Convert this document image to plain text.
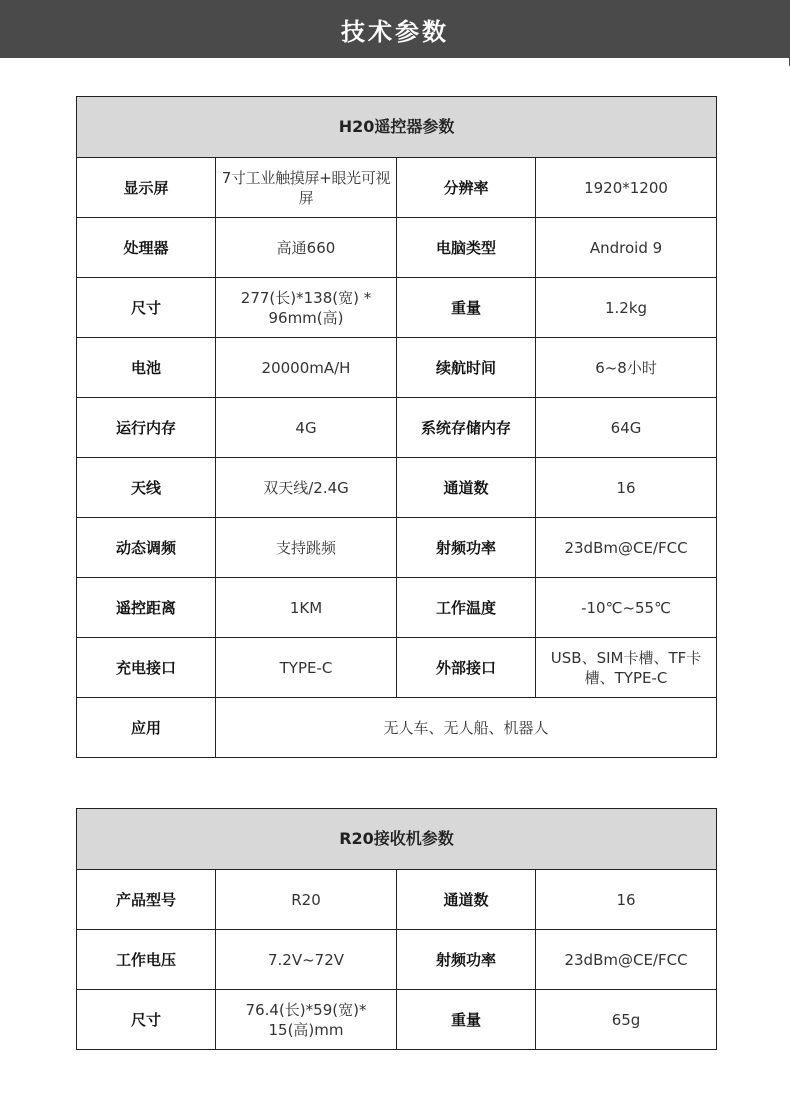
技术参数
H20遥控器参数			
显示屏	7寸工业触摸屏+眼光可视屏	分辨率	1920*1200
处理器	高通660	电脑类型	Android 9
尺寸	277(长)*138(宽) * 96mm(高)	重量	1.2kg
电池	20000mA/H	续航时间	6~8小时
运行内存	4G	系统存储内存	64G
天线	双天线/2.4G	通道数	16
动态调频	支持跳频	射频功率	23dBm@CE/FCC
遥控距离	1KM	工作温度	-10℃~55℃
充电接口	TYPE-C	外部接口	USB、SIM卡槽、TF卡槽、TYPE-C
应用	无人车、无人船、机器人		
R20接收机参数			
产品型号	R20	通道数	16
工作电压	7.2V~72V	射频功率	23dBm@CE/FCC
尺寸	76.4(长)*59(宽)* 15(高)mm	重量	65g
